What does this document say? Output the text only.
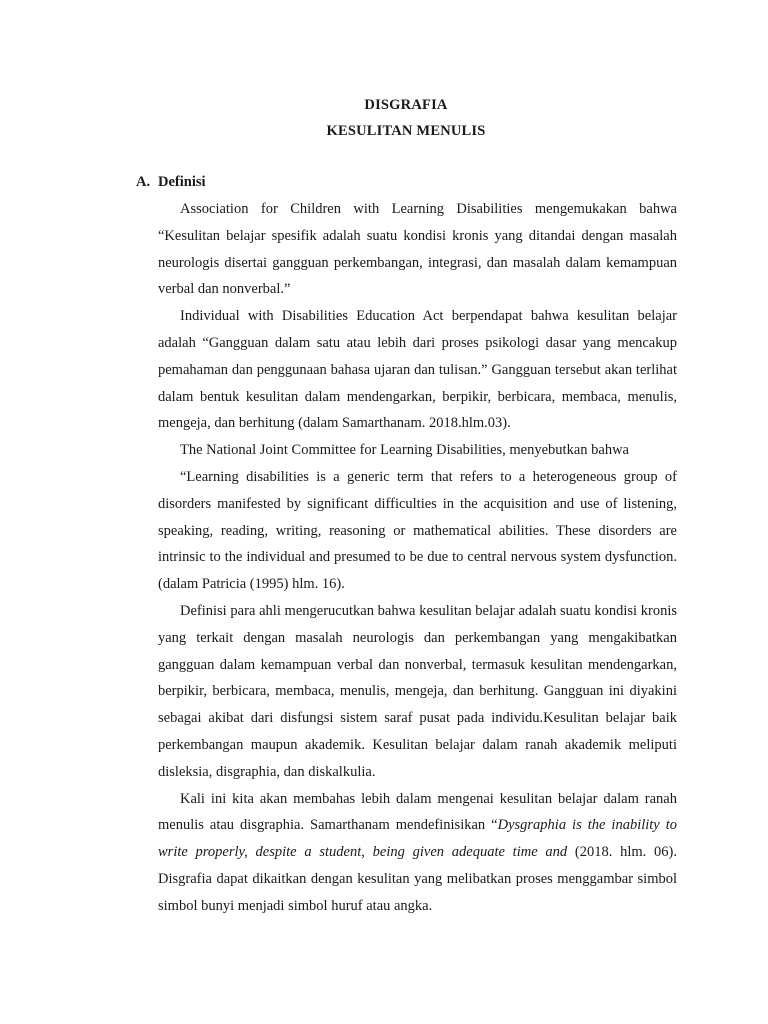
DISGRAFIA
KESULITAN MENULIS
A. Definisi

Association for Children with Learning Disabilities mengemukakan bahwa “Kesulitan belajar spesifik adalah suatu kondisi kronis yang ditandai dengan masalah neurologis disertai gangguan perkembangan, integrasi, dan masalah dalam kemampuan verbal dan nonverbal.”

Individual with Disabilities Education Act berpendapat bahwa kesulitan belajar adalah “Gangguan dalam satu atau lebih dari proses psikologi dasar yang mencakup pemahaman dan penggunaan bahasa ujaran dan tulisan.” Gangguan tersebut akan terlihat dalam bentuk kesulitan dalam mendengarkan, berpikir, berbicara, membaca, menulis, mengeja, dan berhitung (dalam Samarthanam. 2018.hlm.03).

The National Joint Committee for Learning Disabilities, menyebutkan bahwa

“Learning disabilities is a generic term that refers to a heterogeneous group of disorders manifested by significant difficulties in the acquisition and use of listening, speaking, reading, writing, reasoning or mathematical abilities. These disorders are intrinsic to the individual and presumed to be due to central nervous system dysfunction. (dalam Patricia (1995) hlm. 16).

Definisi para ahli mengerucutkan bahwa kesulitan belajar adalah suatu kondisi kronis yang terkait dengan masalah neurologis dan perkembangan yang mengakibatkan gangguan dalam kemampuan verbal dan nonverbal, termasuk kesulitan mendengarkan, berpikir, berbicara, membaca, menulis, mengeja, dan berhitung. Gangguan ini diyakini sebagai akibat dari disfungsi sistem saraf pusat pada individu.Kesulitan belajar baik perkembangan maupun akademik. Kesulitan belajar dalam ranah akademik meliputi disleksia, disgraphia, dan diskalkulia.

Kali ini kita akan membahas lebih dalam mengenai kesulitan belajar dalam ranah menulis atau disgraphia. Samarthanam mendefinisikan “Dysgraphia is the inability to write properly, despite a student, being given adequate time and (2018. hlm. 06). Disgrafia dapat dikaitkan dengan kesulitan yang melibatkan proses menggambar simbol simbol bunyi menjadi simbol huruf atau angka.
